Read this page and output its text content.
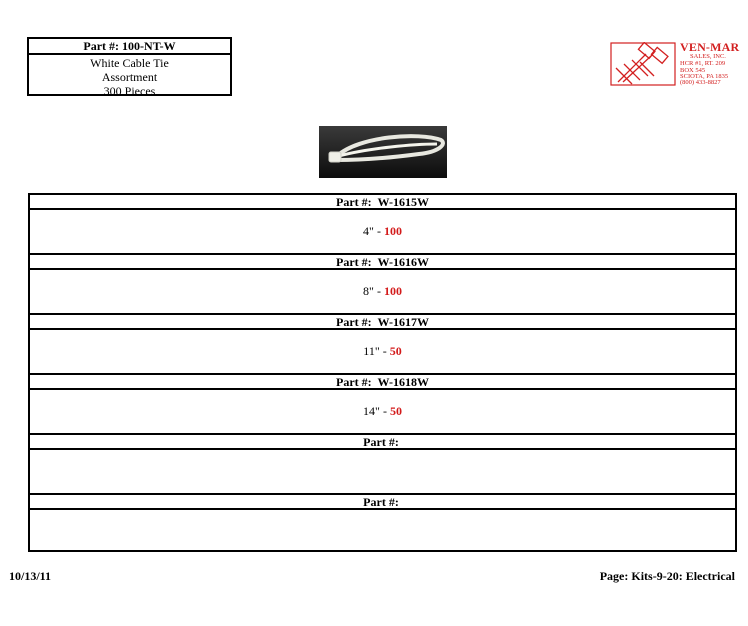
Part #: 100-NT-W
White Cable Tie
Assortment
300 Pieces
VEN-MAR
SALES, INC.
HCR #1, RT. 209
BOX 545
SCIOTA, PA 1835
(800) 433-8827
Part #: W-1615W
4" - 100
Part #: W-1616W
8" - 100
Part #: W-1617W
11" - 50
Part #: W-1618W
14" - 50
Part #:
Part #:
10/13/11	Page: Kits-9-20: Electrical
